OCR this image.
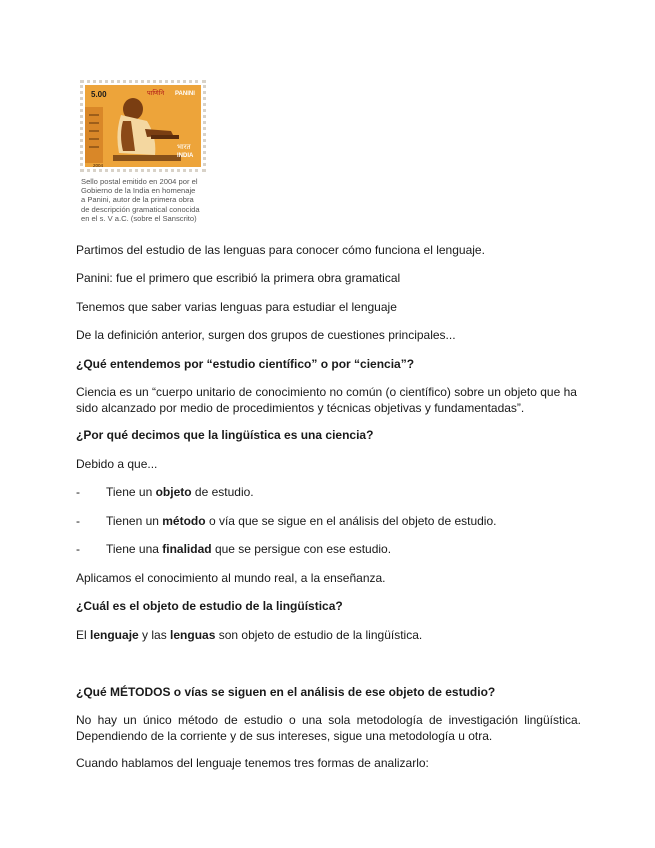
5.00	पाणिनि PANINI
भारत
INDIA
2004
Sello postal emitido en 2004 por el
Gobierno de la India en homenaje
a Panini, autor de la primera obra
de descripción gramatical conocida
en el s. V a.C. (sobre el Sanscrito)
Partimos del estudio de las lenguas para conocer cómo funciona el lenguaje.
Panini: fue el primero que escribió la primera obra gramatical
Tenemos que saber varias lenguas para estudiar el lenguaje
De la definición anterior, surgen dos grupos de cuestiones principales...
¿Qué entendemos por “estudio científico” o por “ciencia”?
Ciencia es un “cuerpo unitario de conocimiento no común (o científico) sobre un objeto que ha sido alcanzado por medio de procedimientos y técnicas objetivas y fundamentadas”.
¿Por qué decimos que la lingüística es una ciencia?
Debido a que...
- Tiene un objeto de estudio.
- Tienen un método o vía que se sigue en el análisis del objeto de estudio.
- Tiene una finalidad que se persigue con ese estudio.
Aplicamos el conocimiento al mundo real, a la enseñanza.
¿Cuál es el objeto de estudio de la lingüística?
El lenguaje y las lenguas son objeto de estudio de la lingüística.
¿Qué MÉTODOS o vías se siguen en el análisis de ese objeto de estudio?
No hay un único método de estudio o una sola metodología de investigación lingüística. Dependiendo de la corriente y de sus intereses, sigue una metodología u otra.
Cuando hablamos del lenguaje tenemos tres formas de analizarlo:
